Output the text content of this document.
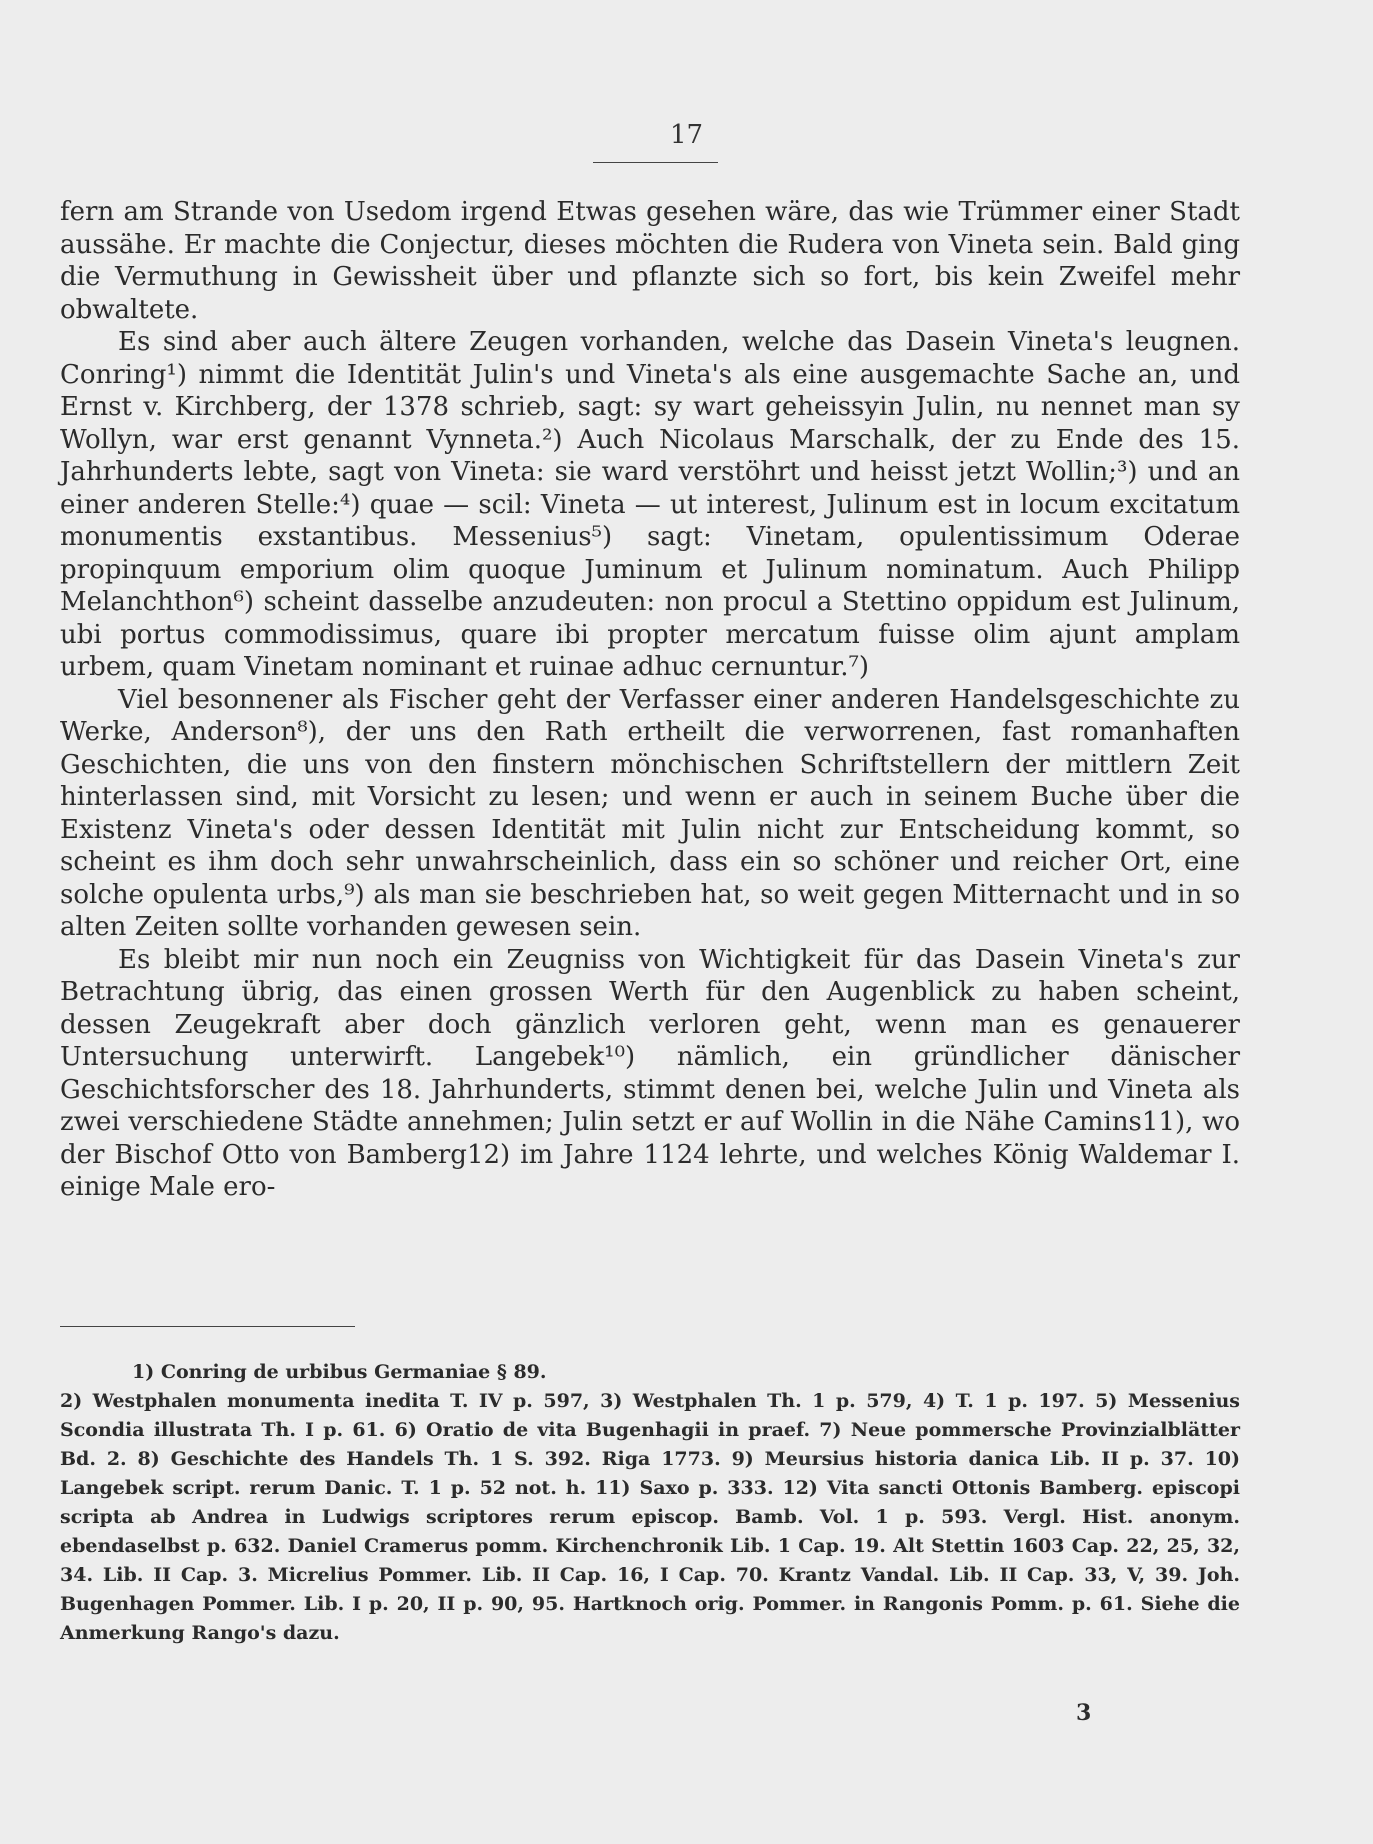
17

fern am Strande von Usedom irgend Etwas gesehen wäre, das wie Trümmer einer Stadt aussähe. Er machte die Conjectur, dieses möchten die Rudera von Vineta sein. Bald ging die Vermuthung in Gewissheit über und pflanzte sich so fort, bis kein Zweifel mehr obwaltete.

Es sind aber auch ältere Zeugen vorhanden, welche das Dasein Vineta's leugnen. Conring¹) nimmt die Identität Julin's und Vineta's als eine ausgemachte Sache an, und Ernst v. Kirchberg, der 1378 schrieb, sagt: sy wart geheissyin Julin, nu nennet man sy Wollyn, war erst genannt Vynneta.²) Auch Nicolaus Marschalk, der zu Ende des 15. Jahrhunderts lebte, sagt von Vineta: sie ward verstöhrt und heisst jetzt Wollin;³) und an einer anderen Stelle:⁴) quae — scil: Vineta — ut interest, Julinum est in locum excitatum monumentis exstantibus. Messenius⁵) sagt: Vinetam, opulentissimum Oderae propinquum emporium olim quoque Juminum et Julinum nominatum. Auch Philipp Melanchthon⁶) scheint dasselbe anzudeuten: non procul a Stettino oppidum est Julinum, ubi portus commodissimus, quare ibi propter mercatum fuisse olim ajunt amplam urbem, quam Vinetam nominant et ruinae adhuc cernuntur.⁷)

Viel besonnener als Fischer geht der Verfasser einer anderen Handelsgeschichte zu Werke, Anderson⁸), der uns den Rath ertheilt die verworrenen, fast romanhaften Geschichten, die uns von den finstern mönchischen Schriftstellern der mittlern Zeit hinterlassen sind, mit Vorsicht zu lesen; und wenn er auch in seinem Buche über die Existenz Vineta's oder dessen Identität mit Julin nicht zur Entscheidung kommt, so scheint es ihm doch sehr unwahrscheinlich, dass ein so schöner und reicher Ort, eine solche opulenta urbs,⁹) als man sie beschrieben hat, so weit gegen Mitternacht und in so alten Zeiten sollte vorhanden gewesen sein.

Es bleibt mir nun noch ein Zeugniss von Wichtigkeit für das Dasein Vineta's zur Betrachtung übrig, das einen grossen Werth für den Augenblick zu haben scheint, dessen Zeugekraft aber doch gänzlich verloren geht, wenn man es genauerer Untersuchung unterwirft. Langebek¹⁰) nämlich, ein gründlicher dänischer Geschichtsforscher des 18. Jahrhunderts, stimmt denen bei, welche Julin und Vineta als zwei verschiedene Städte annehmen; Julin setzt er auf Wollin in die Nähe Camins11), wo der Bischof Otto von Bamberg12) im Jahre 1124 lehrte, und welches König Waldemar I. einige Male ero-

1) Conring de urbibus Germaniae § 89.

2) Westphalen monumenta inedita T. IV p. 597, 3) Westphalen Th. 1 p. 579, 4) T. 1 p. 197. 5) Messenius Scondia illustrata Th. I p. 61. 6) Oratio de vita Bugenhagii in praef. 7) Neue pommersche Provinzialblätter Bd. 2. 8) Geschichte des Handels Th. 1 S. 392. Riga 1773. 9) Meursius historia danica Lib. II p. 37. 10) Langebek script. rerum Danic. T. 1 p. 52 not. h. 11) Saxo p. 333. 12) Vita sancti Ottonis Bamberg. episcopi scripta ab Andrea in Ludwigs scriptores rerum episcop. Bamb. Vol. 1 p. 593. Vergl. Hist. anonym. ebendaselbst p. 632. Daniel Cramerus pomm. Kirchenchronik Lib. 1 Cap. 19. Alt Stettin 1603 Cap. 22, 25, 32, 34. Lib. II Cap. 3. Micrelius Pommer. Lib. II Cap. 16, I Cap. 70. Krantz Vandal. Lib. II Cap. 33, V, 39. Joh. Bugenhagen Pommer. Lib. I p. 20, II p. 90, 95. Hartknoch orig. Pommer. in Rangonis Pomm. p. 61. Siehe die Anmerkung Rango's dazu.

3
